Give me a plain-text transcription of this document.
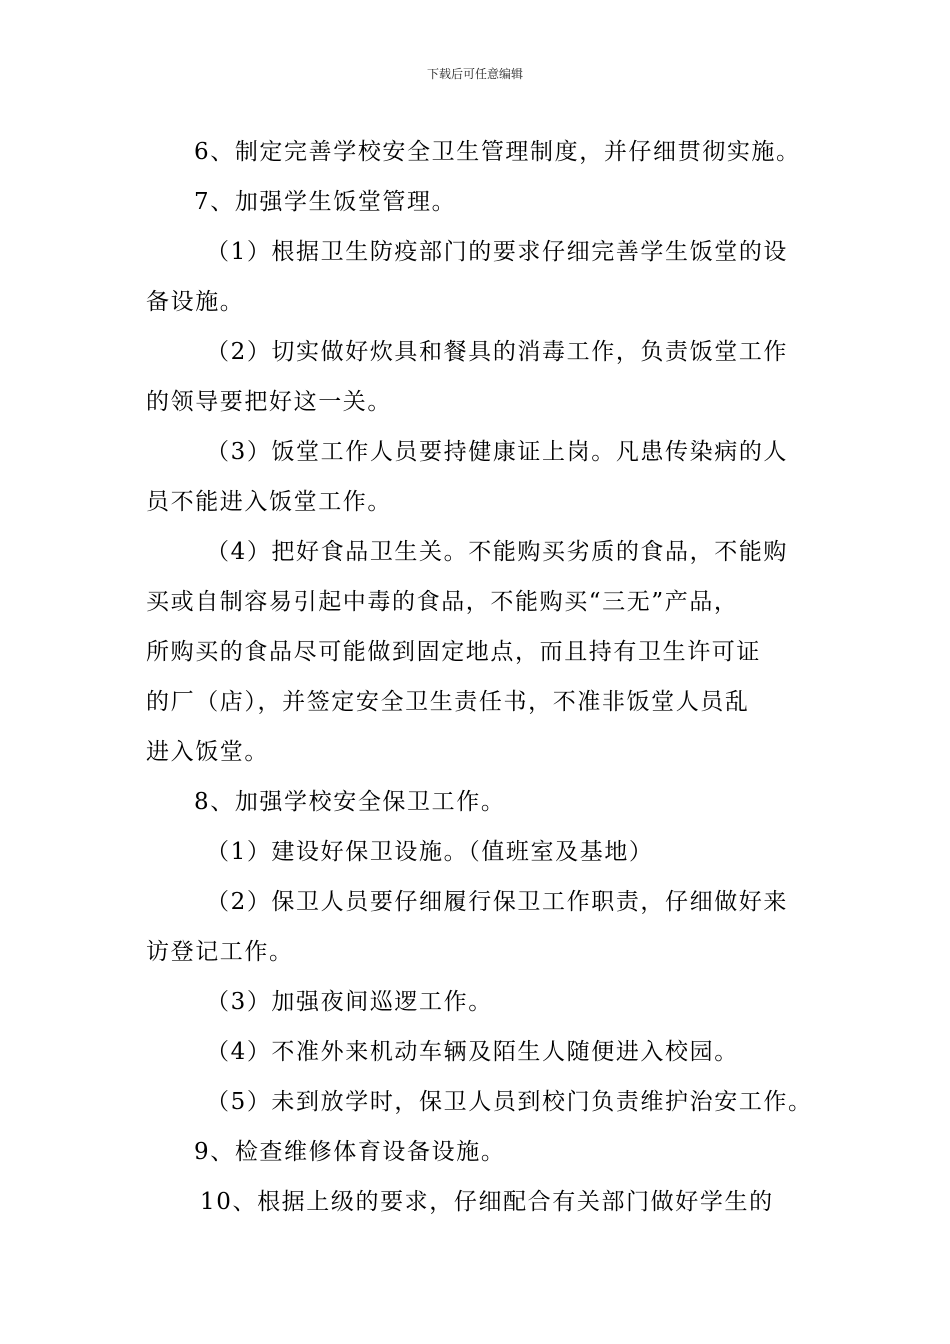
下载后可任意编辑

6、制定完善学校安全卫生管理制度，并仔细贯彻实施。

7、加强学生饭堂管理。

（1）根据卫生防疫部门的要求仔细完善学生饭堂的设

备设施。

（2）切实做好炊具和餐具的消毒工作，负责饭堂工作

的领导要把好这一关。

（3）饭堂工作人员要持健康证上岗。凡患传染病的人

员不能进入饭堂工作。

（4）把好食品卫生关。不能购买劣质的食品，不能购

买或自制容易引起中毒的食品，不能购买“三无”产品，

所购买的食品尽可能做到固定地点，而且持有卫生许可证

的厂（店），并签定安全卫生责任书，不准非饭堂人员乱

进入饭堂。

8、加强学校安全保卫工作。

（1）建设好保卫设施。（值班室及基地）

（2）保卫人员要仔细履行保卫工作职责，仔细做好来

访登记工作。

（3）加强夜间巡逻工作。

（4）不准外来机动车辆及陌生人随便进入校园。

（5）未到放学时，保卫人员到校门负责维护治安工作。

9、检查维修体育设备设施。

10、根据上级的要求，仔细配合有关部门做好学生的
